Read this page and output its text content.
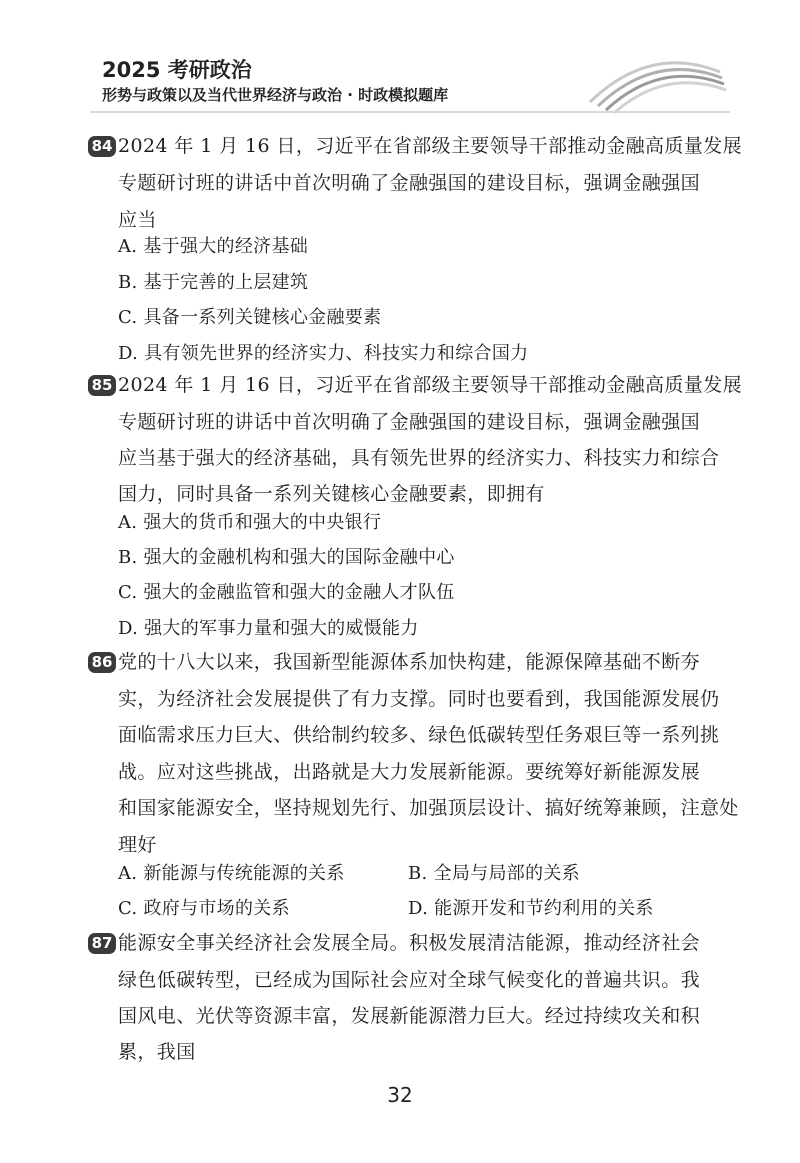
2025 考研政治
形势与政策以及当代世界经济与政治 · 时政模拟题库
84 2024 年 1 月 16 日，习近平在省部级主要领导干部推动金融高质量发展
专题研讨班的讲话中首次明确了金融强国的建设目标，强调金融强国
应当
A. 基于强大的经济基础
B. 基于完善的上层建筑
C. 具备一系列关键核心金融要素
D. 具有领先世界的经济实力、科技实力和综合国力
85 2024 年 1 月 16 日，习近平在省部级主要领导干部推动金融高质量发展
专题研讨班的讲话中首次明确了金融强国的建设目标，强调金融强国
应当基于强大的经济基础，具有领先世界的经济实力、科技实力和综合
国力，同时具备一系列关键核心金融要素，即拥有
A. 强大的货币和强大的中央银行
B. 强大的金融机构和强大的国际金融中心
C. 强大的金融监管和强大的金融人才队伍
D. 强大的军事力量和强大的威慑能力
86 党的十八大以来，我国新型能源体系加快构建，能源保障基础不断夯
实，为经济社会发展提供了有力支撑。同时也要看到，我国能源发展仍
面临需求压力巨大、供给制约较多、绿色低碳转型任务艰巨等一系列挑
战。应对这些挑战，出路就是大力发展新能源。要统筹好新能源发展
和国家能源安全，坚持规划先行、加强顶层设计、搞好统筹兼顾，注意处
理好
A. 新能源与传统能源的关系	B. 全局与局部的关系
C. 政府与市场的关系	D. 能源开发和节约利用的关系
87 能源安全事关经济社会发展全局。积极发展清洁能源，推动经济社会
绿色低碳转型，已经成为国际社会应对全球气候变化的普遍共识。我
国风电、光伏等资源丰富，发展新能源潜力巨大。经过持续攻关和积
累，我国
32
